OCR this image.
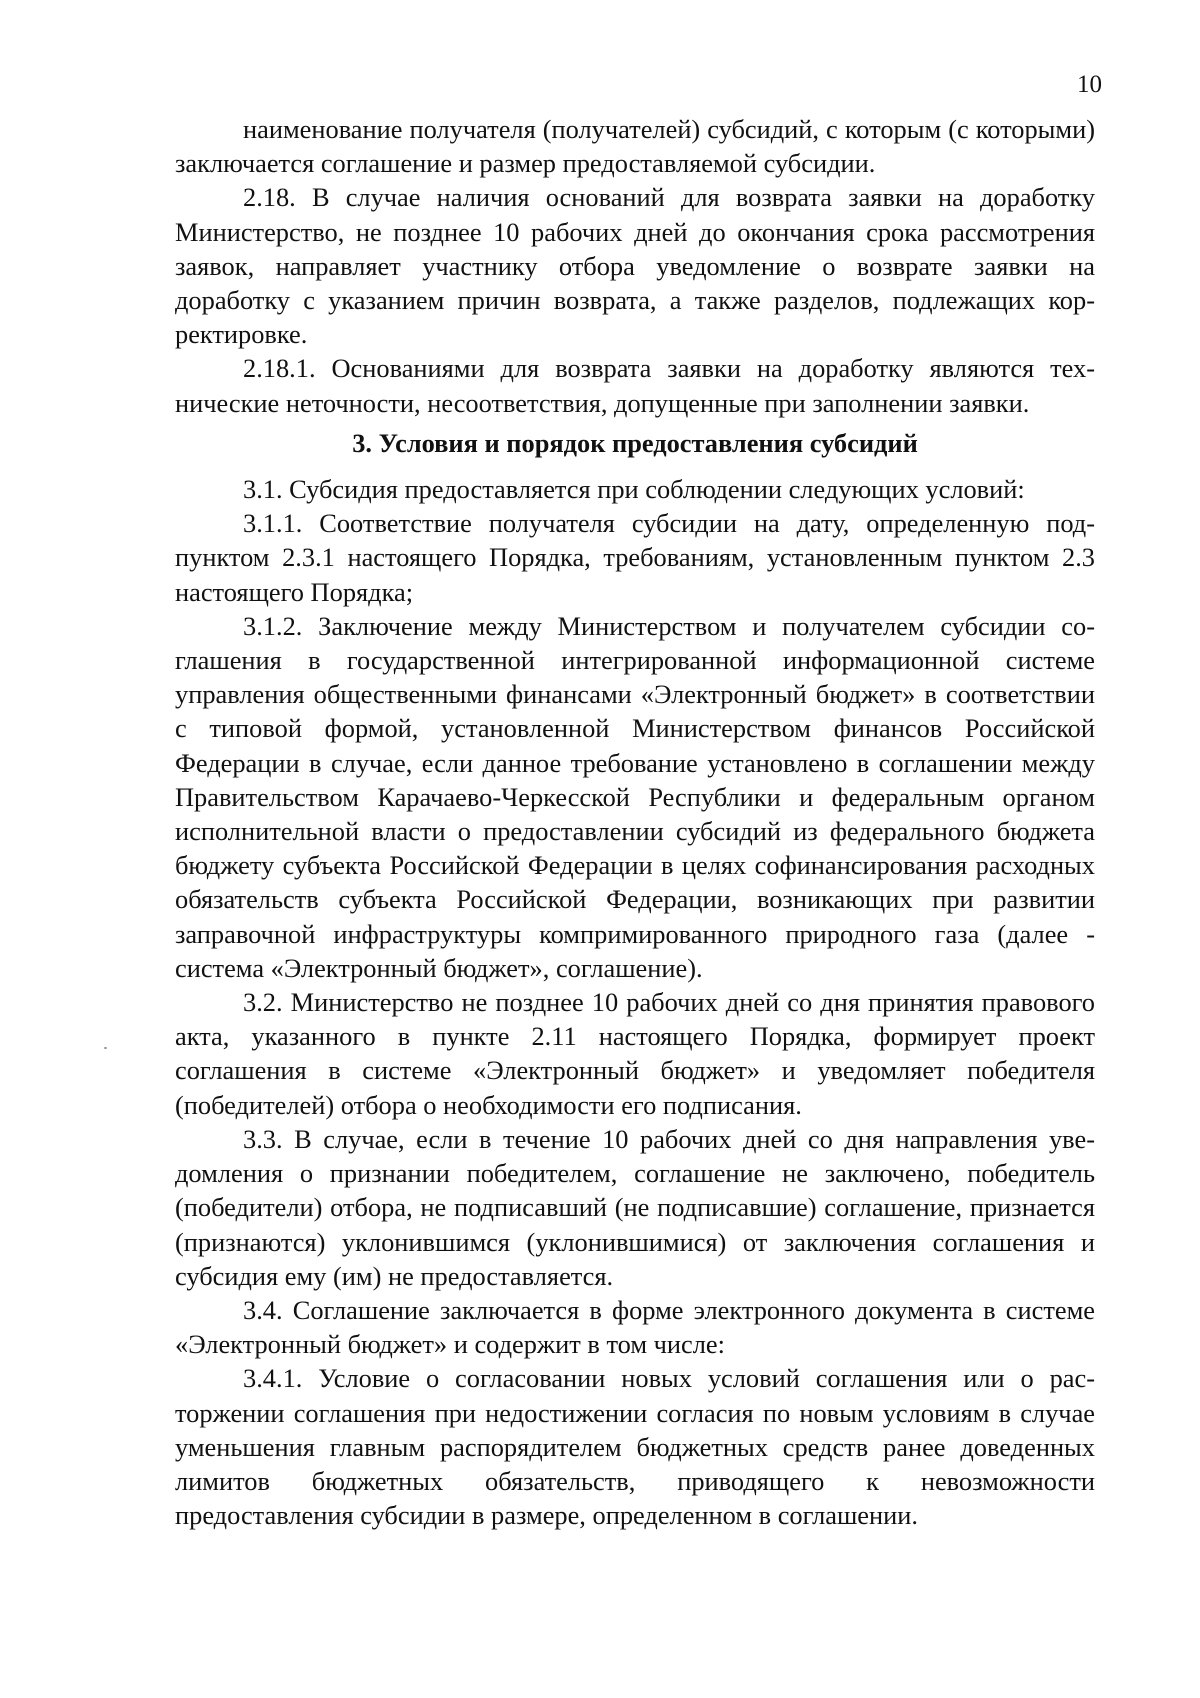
10

наименование получателя (получателей) субсидий, с которым (с которыми) заключается соглашение и размер предоставляемой субсидии.

2.18. В случае наличия оснований для возврата заявки на доработку Министерство, не позднее 10 рабочих дней до окончания срока рассмотрения заявок, направляет участнику отбора уведомление о возврате заявки на доработку с указанием причин возврата, а также разделов, подлежащих корректировке.

2.18.1. Основаниями для возврата заявки на доработку являются технические неточности, несоответствия, допущенные при заполнении заявки.

3. Условия и порядок предоставления субсидий

3.1. Субсидия предоставляется при соблюдении следующих условий:

3.1.1. Соответствие получателя субсидии на дату, определенную подпунктом 2.3.1 настоящего Порядка, требованиям, установленным пунктом 2.3 настоящего Порядка;

3.1.2. Заключение между Министерством и получателем субсидии соглашения в государственной интегрированной информационной системе управления общественными финансами «Электронный бюджет» в соответствии с типовой формой, установленной Министерством финансов Российской Федерации в случае, если данное требование установлено в соглашении между Правительством Карачаево-Черкесской Республики и федеральным органом исполнительной власти о предоставлении субсидий из федерального бюджета бюджету субъекта Российской Федерации в целях софинансирования расходных обязательств субъекта Российской Федерации, возникающих при развитии заправочной инфраструктуры компримированного природного газа (далее - система «Электронный бюджет», соглашение).

3.2. Министерство не позднее 10 рабочих дней со дня принятия правового акта, указанного в пункте 2.11 настоящего Порядка, формирует проект соглашения в системе «Электронный бюджет» и уведомляет победителя (победителей) отбора о необходимости его подписания.

3.3. В случае, если в течение 10 рабочих дней со дня направления уведомления о признании победителем, соглашение не заключено, победитель (победители) отбора, не подписавший (не подписавшие) соглашение, признается (признаются) уклонившимся (уклонившимися) от заключения соглашения и субсидия ему (им) не предоставляется.

3.4. Соглашение заключается в форме электронного документа в системе «Электронный бюджет» и содержит в том числе:

3.4.1. Условие о согласовании новых условий соглашения или о расторжении соглашения при недостижении согласия по новым условиям в случае уменьшения главным распорядителем бюджетных средств ранее доведенных лимитов бюджетных обязательств, приводящего к невозможности предоставления субсидии в размере, определенном в соглашении.
